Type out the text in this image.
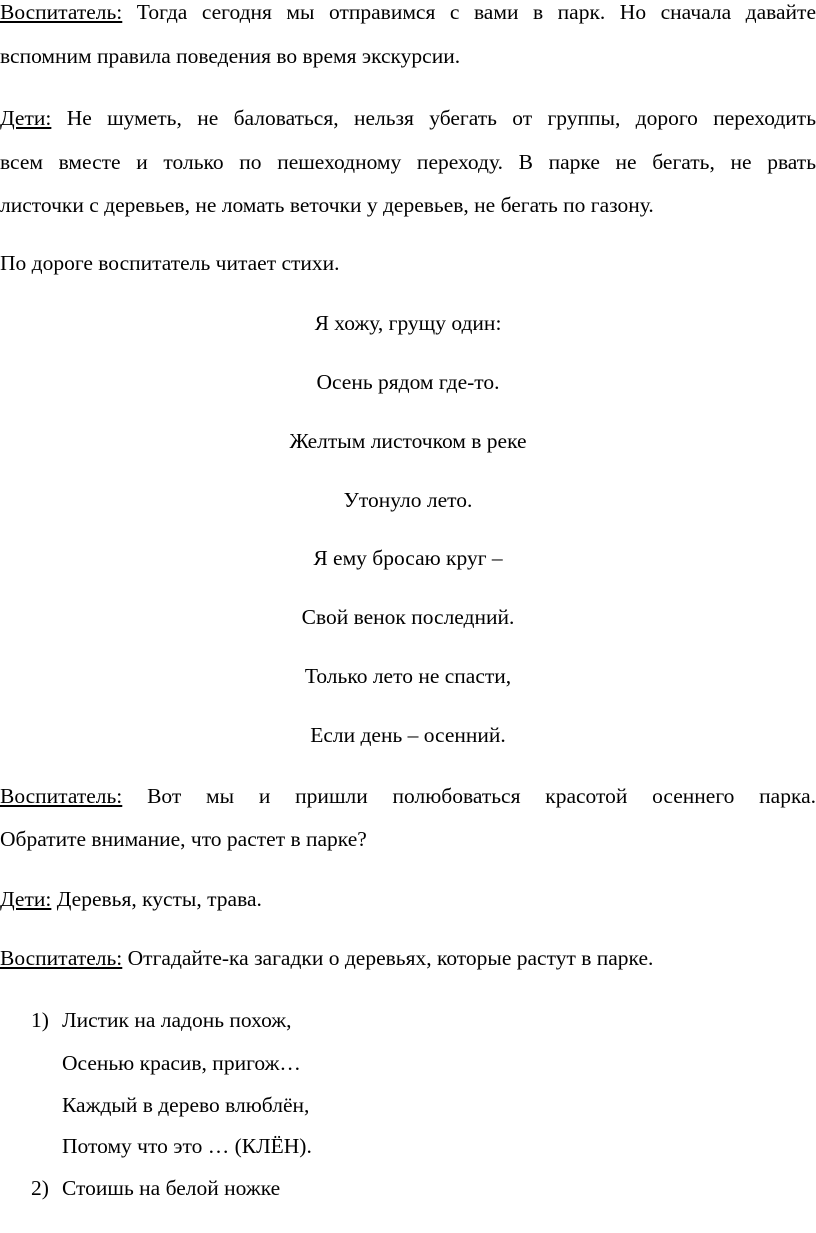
Воспитатель: Тогда сегодня мы отправимся с вами в парк. Но сначала давайте
вспомним правила поведения во время экскурсии.
Дети: Не шуметь, не баловаться, нельзя убегать от группы, дорого переходить
всем вместе и только по пешеходному переходу. В парке не бегать, не рвать
листочки с деревьев, не ломать веточки у деревьев, не бегать по газону.
По дороге воспитатель читает стихи.
Я хожу, грущу один:
Осень рядом где-то.
Желтым листочком в реке
Утонуло лето.
Я ему бросаю круг –
Свой венок последний.
Только лето не спасти,
Если день – осенний.
Воспитатель: Вот мы и пришли полюбоваться красотой осеннего парка.
Обратите внимание, что растет в парке?
Дети: Деревья, кусты, трава.
Воспитатель: Отгадайте-ка загадки о деревьях, которые растут в парке.
1) Листик на ладонь похож,
Осенью красив, пригож…
Каждый в дерево влюблён,
Потому что это … (КЛЁН).
2) Стоишь на белой ножке
